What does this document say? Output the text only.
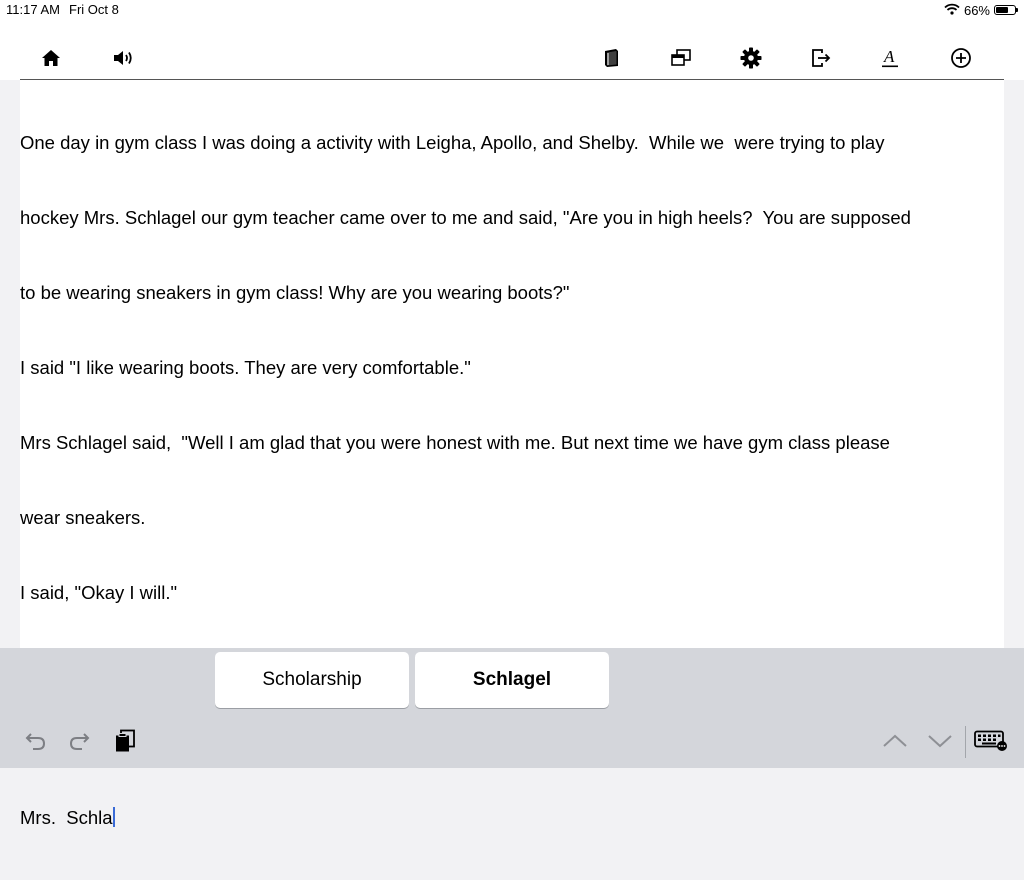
11:17 AM Fri Oct 8	66%
A

One day in gym class I was doing a activity with Leigha, Apollo, and Shelby.  While we  were trying to play

hockey Mrs. Schlagel our gym teacher came over to me and said, "Are you in high heels?  You are supposed

to be wearing sneakers in gym class! Why are you wearing boots?"

I said "I like wearing boots. They are very comfortable."

Mrs Schlagel said,  "Well I am glad that you were honest with me. But next time we have gym class please

wear sneakers.

I said, "Okay I will."

Mrs.  Schla

Scholarship	Schlagel
